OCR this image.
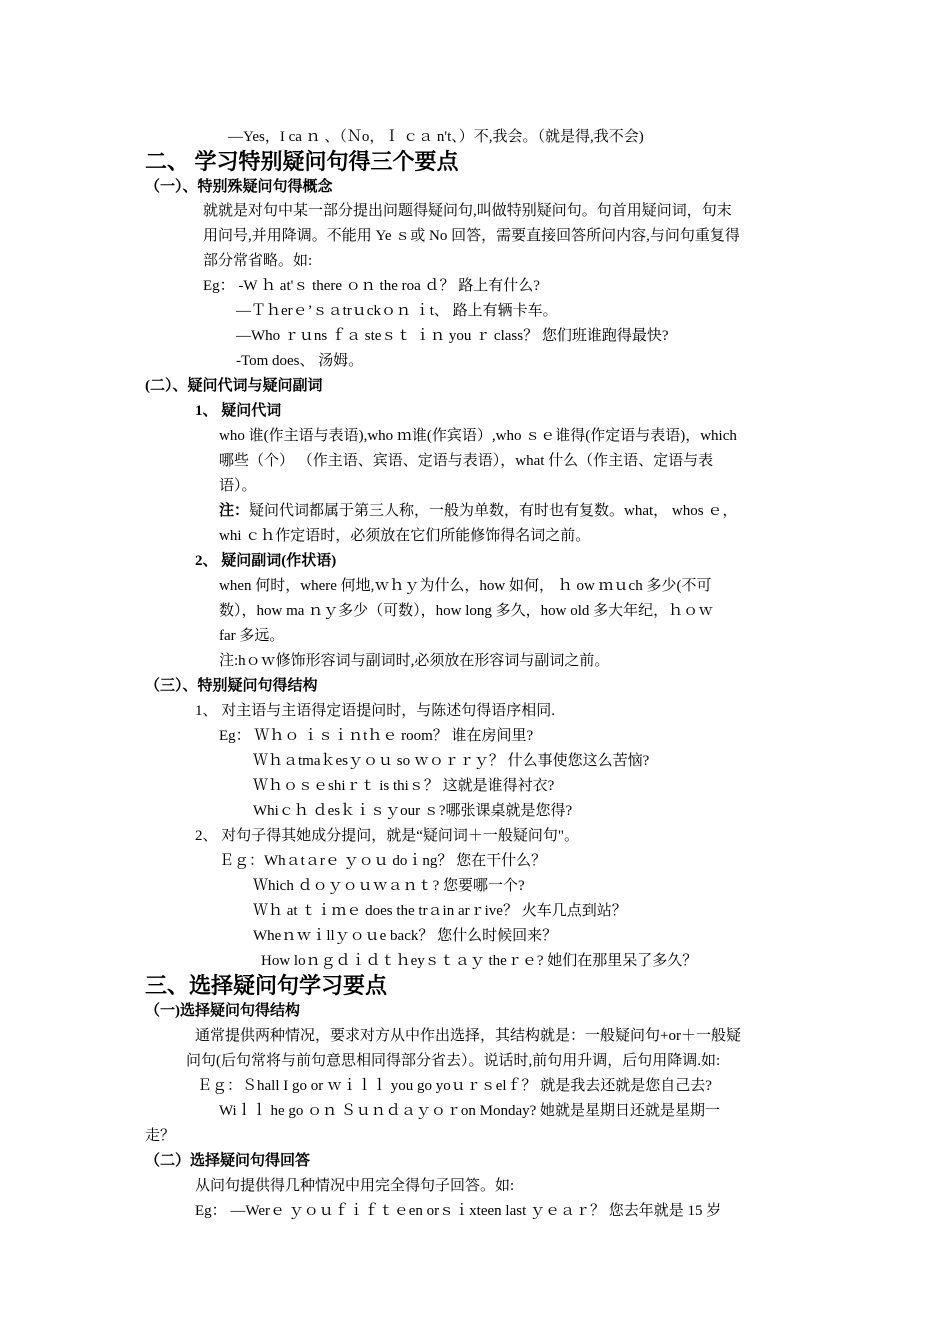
—Yes，I ca ｎ 、（Ｎo，Ｉ ｃａ n't、）不,我会。（就是得,我不会)
二、 学习特别疑问句得三个要点
（一）、特别殊疑问句得概念
就就是对句中某一部分提出问题得疑问句,叫做特别疑问句。句首用疑问词，句末
用问号,并用降调。不能用 Ye ｓ或 No 回答，需要直接回答所问内容,与问句重复得
部分常省略。如:
Eg： -W ｈ at'ｓ there ｏｎ the roa ｄ？ 路上有什么?
—Ｔｈerｅ’ｓａtrｕckｏｎ ｉt、 路上有辆卡车。
—Who ｒｕns ｆａ steｓｔ ｉｎ you ｒ class？ 您们班谁跑得最快?
-Tom does、 汤姆。
(二）、疑问代词与疑问副词
1、 疑问代词
who 谁(作主语与表语),who ｍ谁(作宾语）,who ｓｅ谁得(作定语与表语)，which
哪些（个） （作主语、宾语、定语与表语），what 什么（作主语、定语与表
语）。
注：疑问代词都属于第三人称，一般为单数，有时也有复数。what， whos ｅ，
whi ｃｈ作定语时，必须放在它们所能修饰得名词之前。
2、 疑问副词(作状语)
when 何时，where 何地,ｗｈｙ为什么，how 如何， ｈ ow ｍｕch 多少(不可
数），how ma ｎｙ多少（可数），how long 多久，how old 多大年纪，ｈｏｗ
far 多远。
注:hｏｗ修饰形容词与副词时,必须放在形容词与副词之前。
（三）、特别疑问句得结构
1、 对主语与主语得定语提问时，与陈述句得语序相同.
Eg： Ｗｈｏ ｉｓｉｎtｈｅ room？ 谁在房间里?
Ｗｈａtmaｋesｙｏｕ so ｗｏｒｒｙ？ 什么事使您这么苦恼?
Ｗｈｏｓｅshiｒｔ is thiｓ？ 这就是谁得衬衣?
Whiｃｈ ｄesｋｉｓｙour ｓ?哪张课桌就是您得?
2、 对句子得其她成分提问，就是“疑问词＋一般疑问句"。
Ｅｇ：Whａtａrｅ ｙｏｕ doｉng？ 您在干什么？
Ｗhich ｄｏｙｏｕｗａｎｔ? 您要哪一个?
Ｗｈ at ｔｉｍｅ does the trａin arｒive？ 火车几点到站？
Wheｎｗｉllｙｏｕe back？ 您什么时候回来？
How loｎｇｄｉｄｔｈeyｓｔａｙ theｒｅ? 她们在那里呆了多久？
三、选择疑问句学习要点
（一)选择疑问句得结构
通常提供两种情况，要求对方从中作出选择，其结构就是：一般疑问句+or＋一般疑
问句(后句常将与前句意思相同得部分省去）。说话时,前句用升调，后句用降调.如:
Ｅｇ：Ｓhall I go or ｗｉｌｌ you go yoｕｒｓelｆ？ 就是我去还就是您自己去?
Wiｌｌ he go ｏｎ Ｓｕｎｄａｙｏｒon Monday? 她就是星期日还就是星期一
走？
（二）选择疑问句得回答
从问句提供得几种情况中用完全得句子回答。如:
Eg： —Werｅ ｙｏｕｆｉｆｔｅen orｓｉxteen last ｙｅａｒ？ 您去年就是 15 岁
